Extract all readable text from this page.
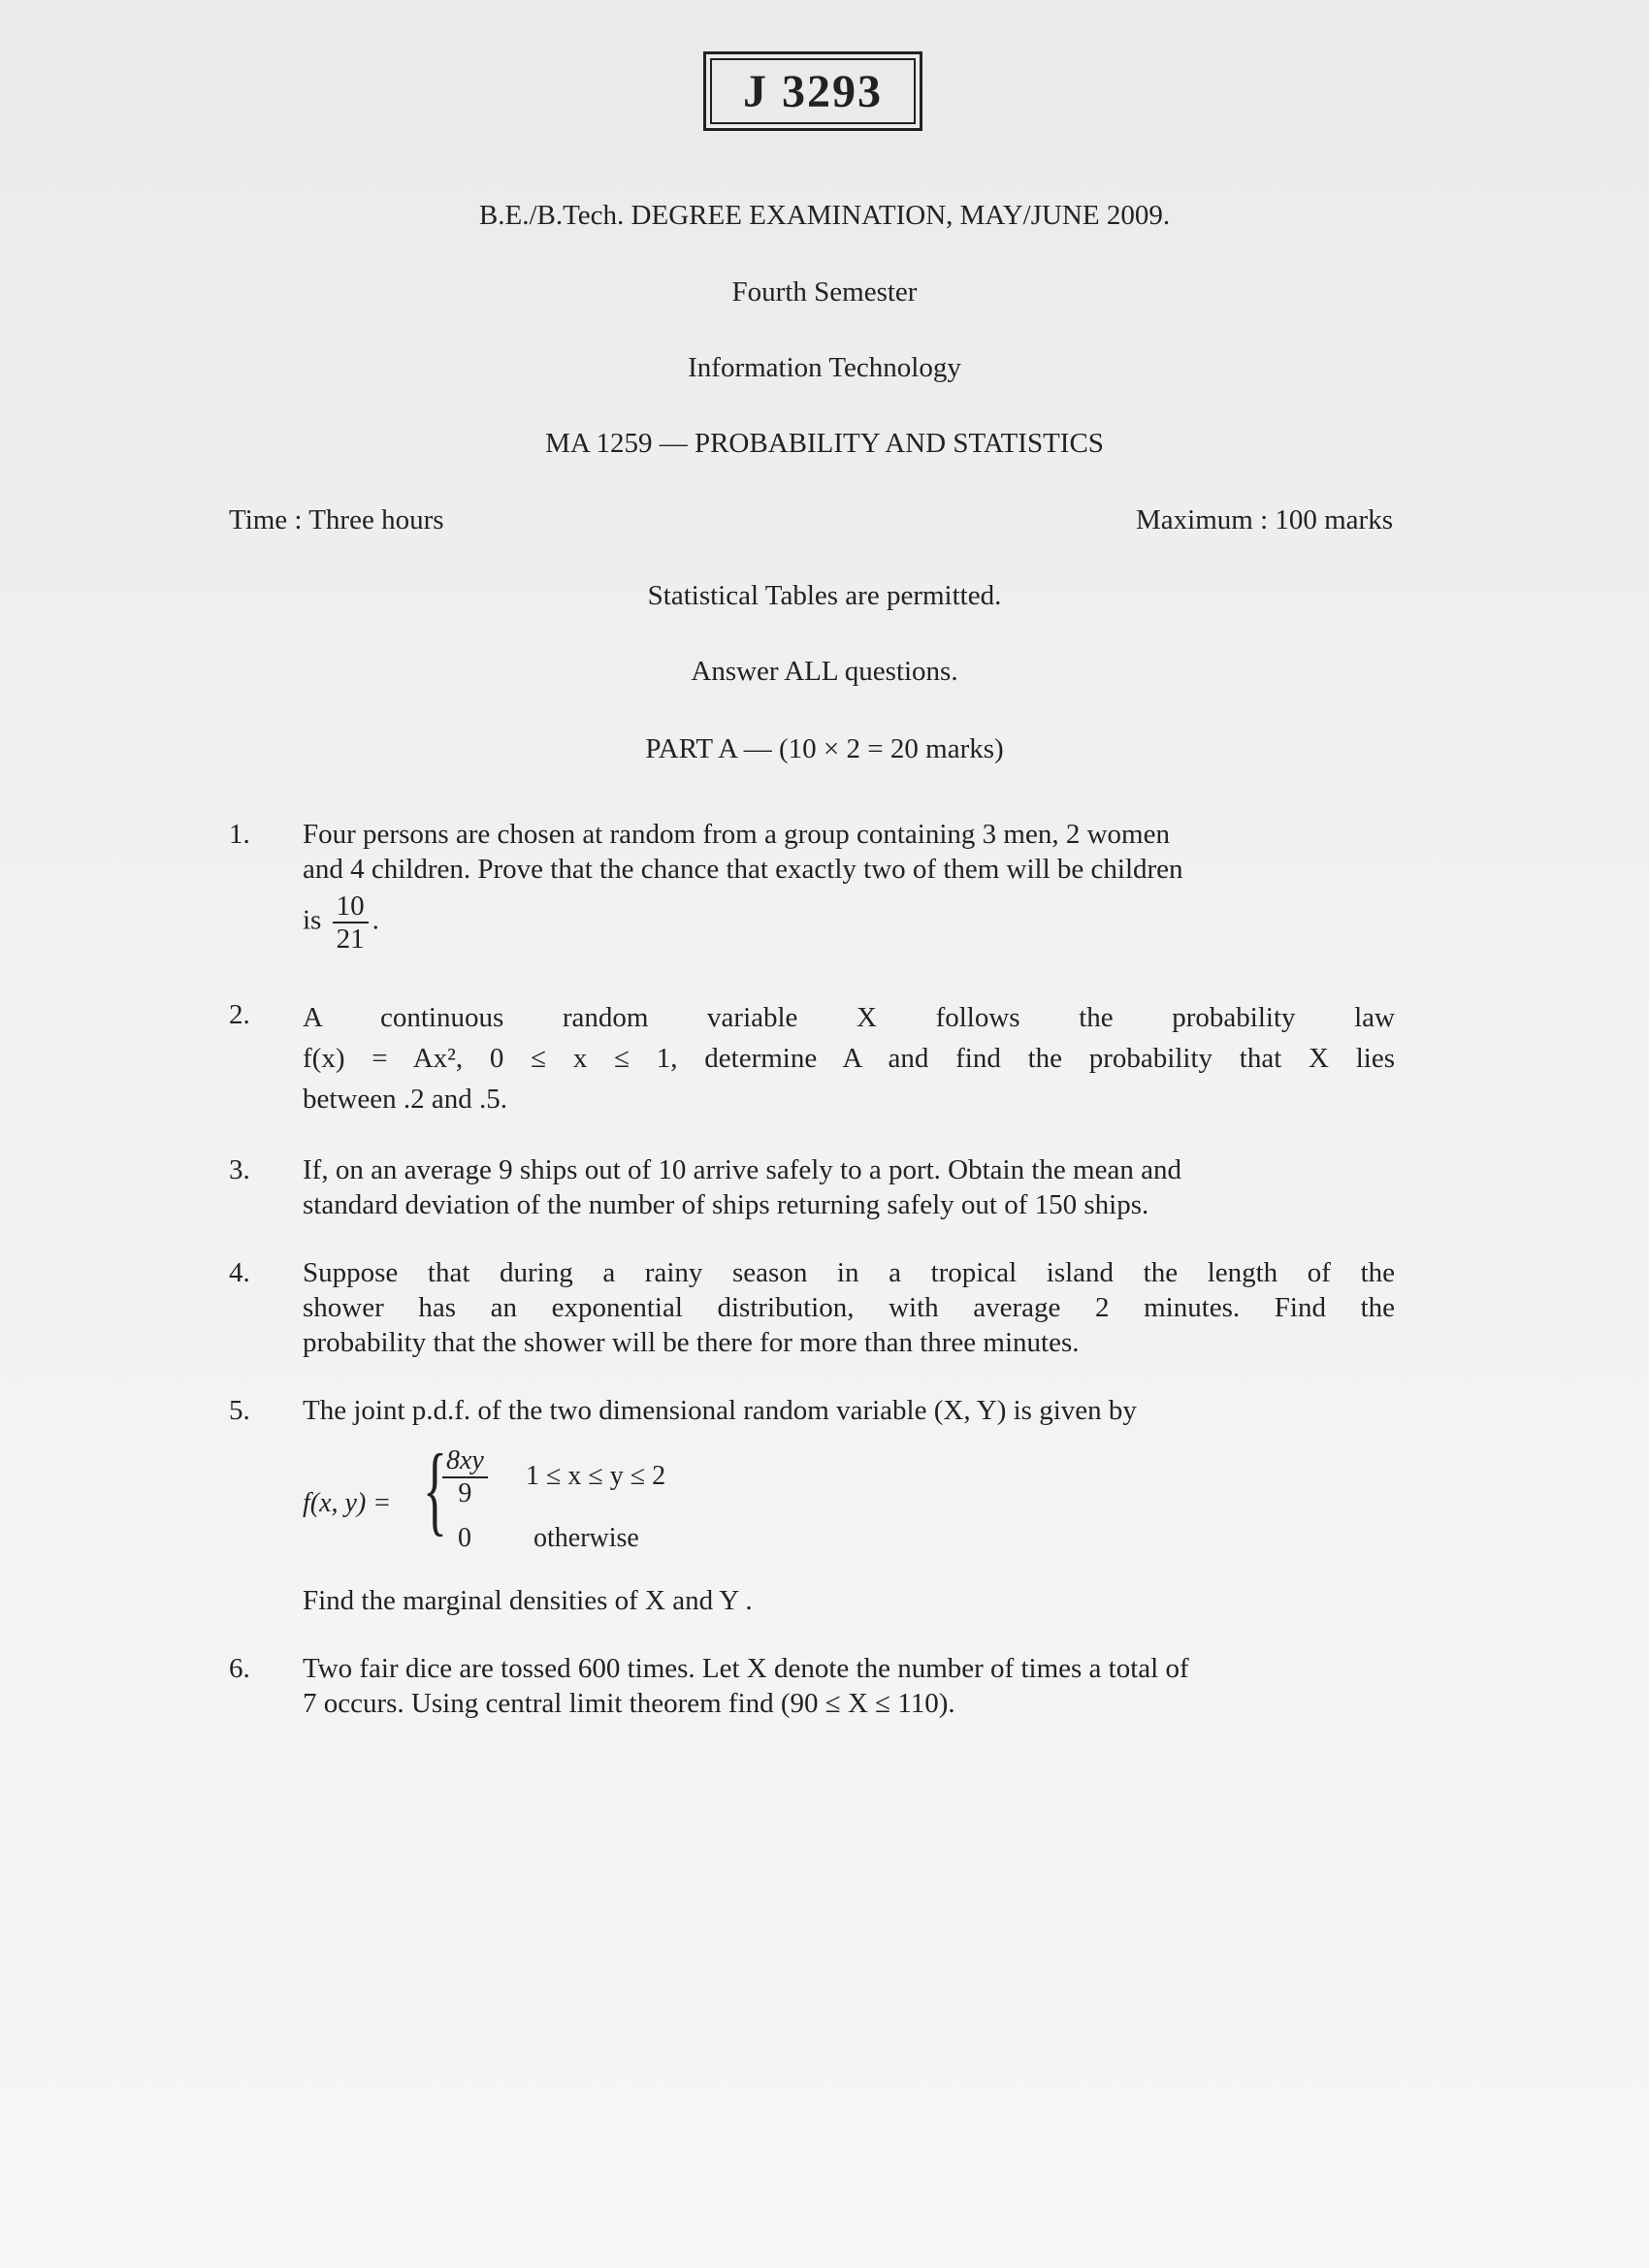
J 3293
B.E./B.Tech. DEGREE EXAMINATION, MAY/JUNE 2009.
Fourth Semester
Information Technology
MA 1259 — PROBABILITY AND STATISTICS
Time : Three hours	Maximum : 100 marks
Statistical Tables are permitted.
Answer ALL questions.
PART A — (10 × 2 = 20 marks)
1. Four persons are chosen at random from a group containing 3 men, 2 women
and 4 children. Prove that the chance that exactly two of them will be children
is $\frac{10}{21}$ .
2. A continuous random variable X follows the probability law
f(x) = Ax², 0 ≤ x ≤ 1, determine A and find the probability that X lies
between .2 and .5.
3. If, on an average 9 ships out of 10 arrive safely to a port. Obtain the mean and
standard deviation of the number of ships returning safely out of 150 ships.
4. Suppose that during a rainy season in a tropical island the length of the
shower has an exponential distribution, with average 2 minutes. Find the
probability that the shower will be there for more than three minutes.
5. The joint p.d.f. of the two dimensional random variable (X, Y) is given by
f(x, y) = {
$\frac{8xy}{9} 1 \le x \le y \le 2$
0 otherwise
Find the marginal densities of X and Y .
6. Two fair dice are tossed 600 times. Let X denote the number of times a total of
7 occurs. Using central limit theorem find (90 ≤ X ≤ 110).
